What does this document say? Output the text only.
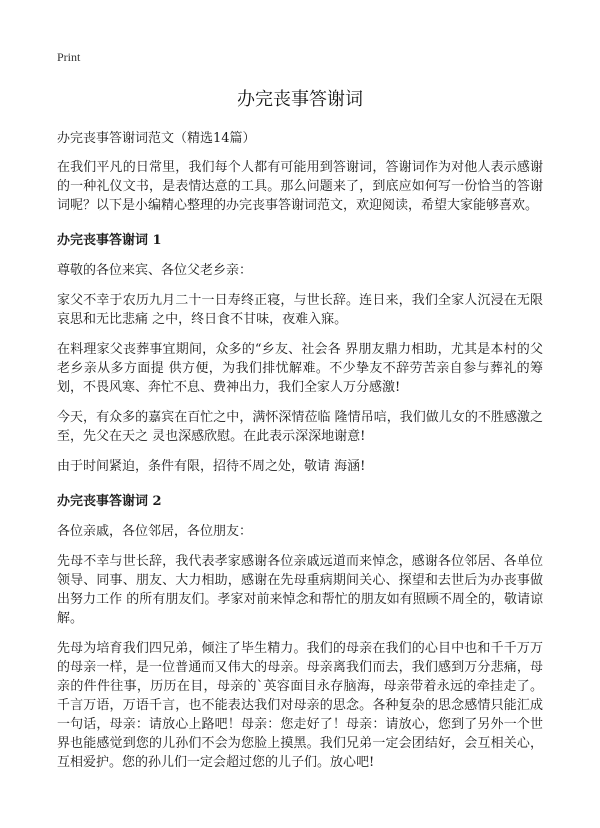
Print
办完丧事答谢词
办完丧事答谢词范文（精选14篇）

在我们平凡的日常里，我们每个人都有可能用到答谢词，答谢词作为对他人表示感谢的一种礼仪文书，是表情达意的工具。那么问题来了，到底应如何写一份恰当的答谢词呢？以下是小编精心整理的办完丧事答谢词范文，欢迎阅读，希望大家能够喜欢。

办完丧事答谢词 1

尊敬的各位来宾、各位父老乡亲：

家父不幸于农历九月二十一日寿终正寝，与世长辞。连日来，我们全家人沉浸在无限哀思和无比悲痛 之中，终日食不甘味，夜难入寐。

在料理家父丧葬事宜期间，众多的“乡友、社会各 界朋友鼎力相助，尤其是本村的父老乡亲从多方面提 供方便，为我们排忧解难。不少挚友不辞劳苦亲自参与葬礼的筹划，不畏风寒、奔忙不息、费神出力，我们全家人万分感激!

今天，有众多的嘉宾在百忙之中，满怀深情莅临 隆情吊唁，我们做儿女的不胜感激之至，先父在天之 灵也深感欣慰。在此表示深深地谢意!

由于时间紧迫，条件有限，招待不周之处，敬请 海涵!

办完丧事答谢词 2

各位亲戚，各位邻居，各位朋友：

先母不幸与世长辞，我代表孝家感谢各位亲戚远道而来悼念，感谢各位邻居、各单位领导、同事、朋友、大力相助，感谢在先母重病期间关心、探望和去世后为办丧事做出努力工作 的所有朋友们。孝家对前来悼念和帮忙的朋友如有照顾不周全的，敬请谅解。

先母为培育我们四兄弟，倾注了毕生精力。我们的母亲在我们的心目中也和千千万万的母亲一样，是一位普通而又伟大的母亲。母亲离我们而去，我们感到万分悲痛，母亲的件件往事，历历在目，母亲的`英容面目永存脑海，母亲带着永远的牵挂走了。千言万语，万语千言，也不能表达我们对母亲的思念。各种复杂的思念感情只能汇成一句话，母亲：请放心上路吧！母亲：您走好了！母亲：请放心，您到了另外一个世界也能感觉到您的儿孙们不会为您脸上摸黑。我们兄弟一定会团结好，会互相关心，互相爱护。您的孙儿们一定会超过您的儿子们。放心吧!
